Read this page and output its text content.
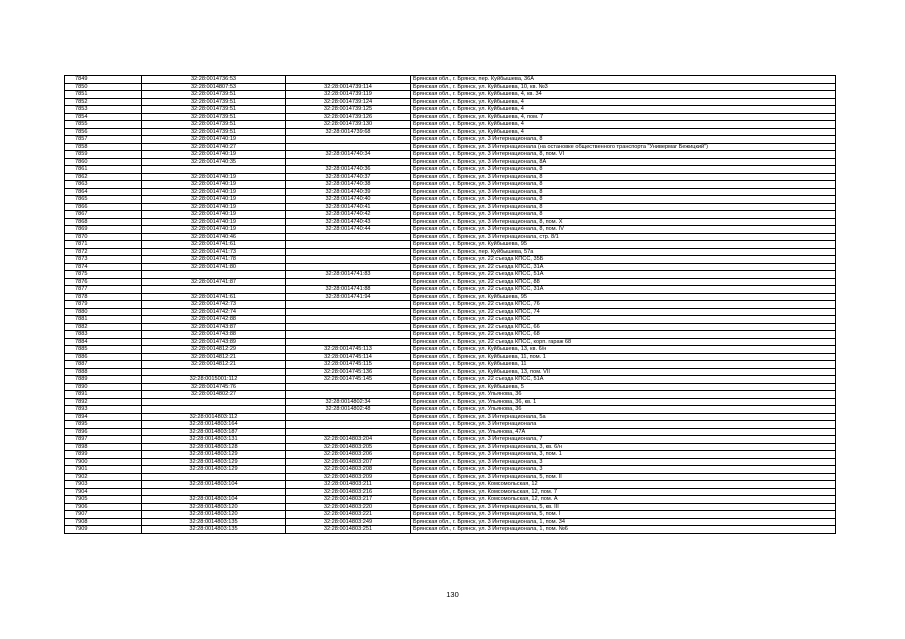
7849	32:28:0014736:53		Брянская обл., г. Брянск, пер. Куйбышева, 36А
7850	32:28:0014807:53	32:28:0014739:114	Брянская обл., г. Брянск, ул. Куйбышева, 10, кв. №3
7851	32:28:0014739:51	32:28:0014739:119	Брянская обл., г. Брянск, ул. Куйбышева, 4, кв. 34
7852	32:28:0014739:51	32:28:0014739:124	Брянская обл., г. Брянск, ул. Куйбышева, 4
7853	32:28:0014739:51	32:28:0014739:125	Брянская обл., г. Брянск, ул. Куйбышева, 4
7854	32:28:0014739:51	32:28:0014739:126	Брянская обл., г. Брянск, ул. Куйбышева, 4, пом. 7
7855	32:28:0014739:51	32:28:0014739:130	Брянская обл., г. Брянск, ул. Куйбышева, 4
7856	32:28:0014739:51	32:28:0014739:68	Брянская обл., г. Брянск, ул. Куйбышева, 4
7857	32:28:0014740:19		Брянская обл., г. Брянск, ул. 3 Интернационала, 8
7858	32:28:0014740:27		Брянская обл., г. Брянск, ул. 3 Интернационала (на остановке общественного транспорта "Универмаг Бежицкий")
7859	32:28:0014740:19	32:28:0014740:34	Брянская обл., г. Брянск, ул. 3 Интернационала, 8, пом. VI
7860	32:28:0014740:35		Брянская обл., г. Брянск, ул. 3 Интернационала, 8А
7861		32:28:0014740:36	Брянская обл., г. Брянск, ул. 3 Интернационала, 8
7862	32:28:0014740:19	32:28:0014740:37	Брянская обл., г. Брянск, ул. 3 Интернационала, 8
7863	32:28:0014740:19	32:28:0014740:38	Брянская обл., г. Брянск, ул. 3 Интернационала, 8
7864	32:28:0014740:19	32:28:0014740:39	Брянская обл., г. Брянск, ул. 3 Интернационала, 8
7865	32:28:0014740:19	32:28:0014740:40	Брянская обл., г. Брянск, ул. 3 Интернационала, 8
7866	32:28:0014740:19	32:28:0014740:41	Брянская обл., г. Брянск, ул. 3 Интернационала, 8
7867	32:28:0014740:19	32:28:0014740:42	Брянская обл., г. Брянск, ул. 3 Интернационала, 8
7868	32:28:0014740:19	32:28:0014740:43	Брянская обл., г. Брянск, ул. 3 Интернационала, 8, пом. X
7869	32:28:0014740:19	32:28:0014740:44	Брянская обл., г. Брянск, ул. 3 Интернационала, 8, пом. IV
7870	32:28:0014740:46		Брянская обл., г. Брянск, ул. 3 Интернационала, стр. 8/1
7871	32:28:0014741:61		Брянская обл., г. Брянск, ул. Куйбышева, 95
7872	32:28:0014741:73		Брянская обл., г. Брянск, пер. Куйбышева, 57а
7873	32:28:0014741:78		Брянская обл., г. Брянск, ул. 22 съезда КПСС, 35Б
7874	32:28:0014741:80		Брянская обл., г. Брянск, ул. 22 съезда КПСС, 31А
7875		32:28:0014741:83	Брянская обл., г. Брянск, ул. 22 съезда КПСС, 51А
7876	32:28:0014741:87		Брянская обл., г. Брянск, ул. 22 съезда КПСС, 88
7877		32:28:0014741:88	Брянская обл., г. Брянск, ул. 22 съезда КПСС, 31А
7878	32:28:0014741:61	32:28:0014741:94	Брянская обл., г. Брянск, ул. Куйбышева, 95
7879	32:28:0014742:73		Брянская обл., г. Брянск, ул. 22 съезда КПСС, 76
7880	32:28:0014742:74		Брянская обл., г. Брянск, ул. 22 съезда КПСС, 74
7881	32:28:0014742:88		Брянская обл., г. Брянск, ул. 22 съезда КПСС
7882	32:28:0014743:87		Брянская обл., г. Брянск, ул. 22 съезда КПСС, 66
7883	32:28:0014743:88		Брянская обл., г. Брянск, ул. 22 съезда КПСС, 68
7884	32:28:0014743:89		Брянская обл., г. Брянск, ул. 22 съезда КПСС, корп. гараж 68
7885	32:28:0014812:29	32:28:0014745:113	Брянская обл., г. Брянск, ул. Куйбышева, 13, кв. 6/н
7886	32:28:0014812:21	32:28:0014745:114	Брянская обл., г. Брянск, ул. Куйбышева, 11, пом. 1
7887	32:28:0014812:21	32:28:0014745:115	Брянская обл., г. Брянск, ул. Куйбышева, 11
7888		32:28:0014745:136	Брянская обл., г. Брянск, ул. Куйбышева, 13, пом. VII
7889	32:28:0015001:112	32:28:0014745:145	Брянская обл., г. Брянск, ул. 22 съезда КПСС, 51А
7890	32:28:0014745:76		Брянская обл., г. Брянск, ул. Куйбышева, 5
7891	32:28:0014802:27		Брянская обл., г. Брянск, ул. Ульянова, 36
7892		32:28:0014802:34	Брянская обл., г. Брянск, ул. Ульянова, 36, кв. 1
7893		32:28:0014802:48	Брянская обл., г. Брянск, ул. Ульянова, 36
7894	32:28:0014803:112		Брянская обл., г. Брянск, ул. 3 Интернационала, 5а
7895	32:28:0014803:164		Брянская обл., г. Брянск, ул. 3 Интернационала
7896	32:28:0014803:187		Брянская обл., г. Брянск, ул. Ульянова, 47А
7897	32:28:0014803:131	32:28:0014803:204	Брянская обл., г. Брянск, ул. 3 Интернационала, 7
7898	32:28:0014803:128	32:28:0014803:205	Брянская обл., г. Брянск, ул. 3 Интернационала, 3, кв. 6/н
7899	32:28:0014803:129	32:28:0014803:206	Брянская обл., г. Брянск, ул. 3 Интернационала, 3, пом. 1
7900	32:28:0014803:129	32:28:0014803:207	Брянская обл., г. Брянск, ул. 3 Интернационала, 3
7901	32:28:0014803:129	32:28:0014803:208	Брянская обл., г. Брянск, ул. 3 Интернационала, 3
7902		32:28:0014803:209	Брянская обл., г. Брянск, ул. 3 Интернационала, 5, пом. II
7903	32:28:0014803:104	32:28:0014803:211	Брянская обл., г. Брянск, ул. Комсомольская, 12
7904		32:28:0014803:216	Брянская обл., г. Брянск, ул. Комсомольская, 12, пом. 7
7905	32:28:0014803:104	32:28:0014803:217	Брянская обл., г. Брянск, ул. Комсомольская, 12, пом. А
7906	32:28:0014803:120	32:28:0014803:220	Брянская обл., г. Брянск, ул. 3 Интернационала, 5, кв. III
7907	32:28:0014803:120	32:28:0014803:221	Брянская обл., г. Брянск, ул. 3 Интернационала, 5, пом. I
7908	32:28:0014803:135	32:28:0014803:249	Брянская обл., г. Брянск, ул. 3 Интернационала, 1, пом. 34
7909	32:28:0014803:135	32:28:0014803:251	Брянская обл., г. Брянск, ул. 3 Интернационала, 1, пом. №6
130
